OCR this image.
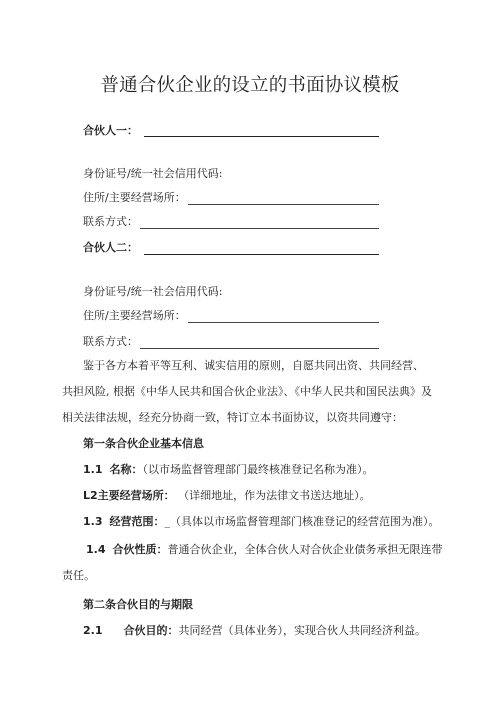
普通合伙企业的设立的书面协议模板
合伙人一：
身份证号/统一社会信用代码:
住所/主要经营场所：
联系方式：
合伙人二：
身份证号/统一社会信用代码:
住所/主要经营场所：
联系方式：
鉴于各方本着平等互利、诚实信用的原则，自愿共同出资、共同经营、
共担风险, 根据《中华人民共和国合伙企业法》、《中华人民共和国民法典》及
相关法律法规，经充分协商一致，特订立本书面协议，以资共同遵守：
第一条合伙企业基本信息
1.1 名称：（以市场监督管理部门最终核准登记名称为准）。
L2主要经营场所： （详细地址，作为法律文书送达地址）。
1.3 经营范围：_（具体以市场监督管理部门核准登记的经营范围为准）。
1.4 合伙性质：普通合伙企业，全体合伙人对合伙企业债务承担无限连带
责任。
第二条合伙目的与期限
2.1 合伙目的：共同经营（具体业务），实现合伙人共同经济利益。
